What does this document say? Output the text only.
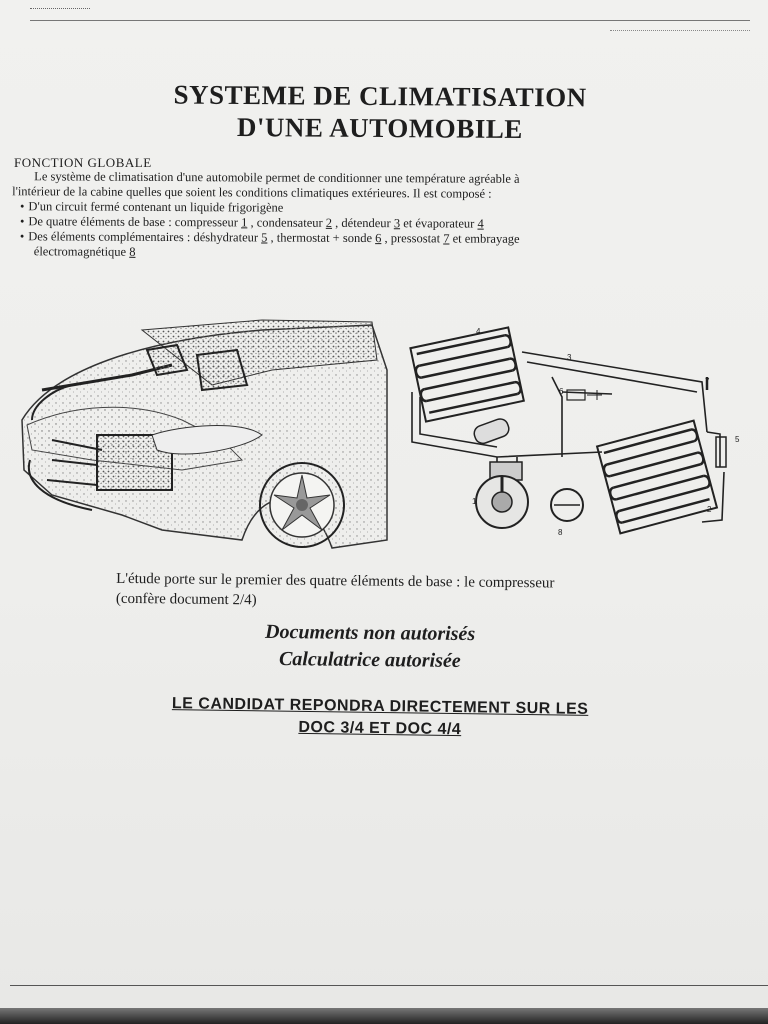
SYSTEME DE CLIMATISATION
D'UNE AUTOMOBILE
FONCTION GLOBALE

Le système de climatisation d'une automobile permet de conditionner une température agréable à

l'intérieur de la cabine quelles que soient les conditions climatiques extérieures. Il est composé :

• D'un circuit fermé contenant un liquide frigorigène

• De quatre éléments de base : compresseur 1 , condensateur 2 , détendeur 3 et évaporateur 4

• Des éléments complémentaires : déshydrateur 5 , thermostat + sonde 6 , pressostat 7 et embrayage

électromagnétique 8

1
2
3
4
5
6
7
8

L'étude porte sur le premier des quatre éléments de base : le compresseur

(confère document 2/4)

Documents non autorisés

Calculatrice autorisée

LE CANDIDAT REPONDRA DIRECTEMENT SUR LES

DOC 3/4 ET DOC 4/4
